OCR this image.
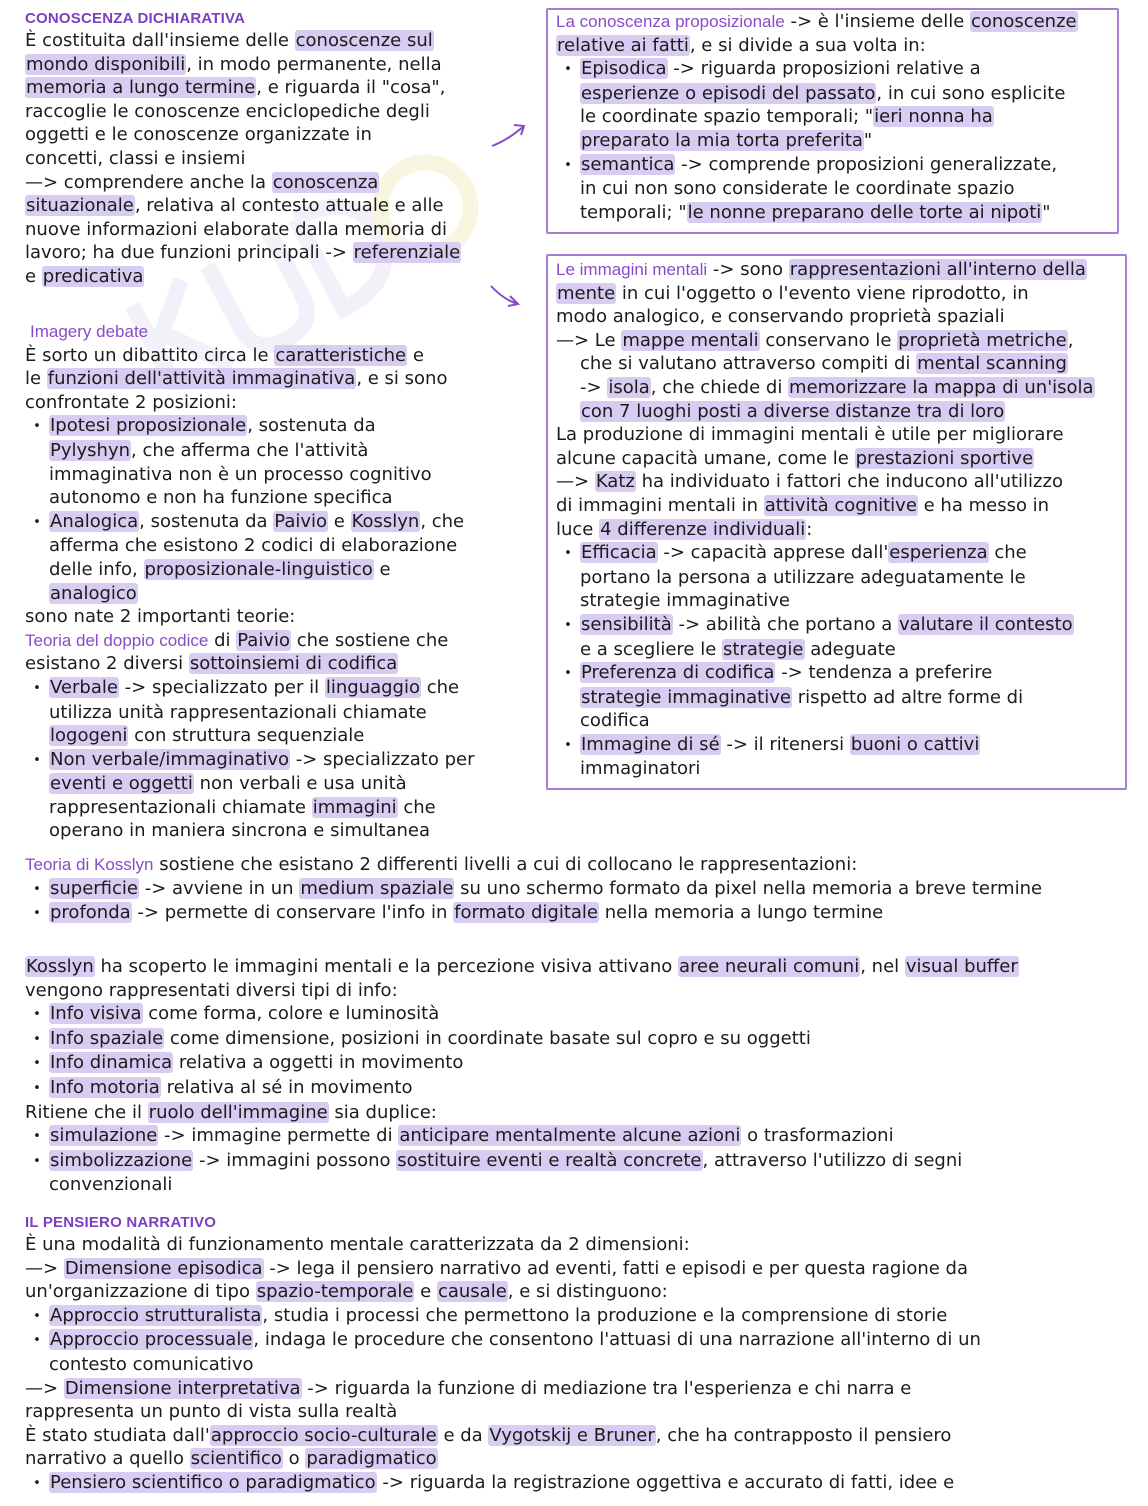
CONOSCENZA DICHIARATIVA
È costituita dall'insieme delle conoscenze sul
mondo disponibili, in modo permanente, nella
memoria a lungo termine, e riguarda il "cosa",
raccoglie le conoscenze enciclopediche degli
oggetti e le conoscenze organizzate in
concetti, classi e insiemi
—> comprendere anche la conoscenza
situazionale, relativa al contesto attuale e alle
nuove informazioni elaborate dalla memoria di
lavoro; ha due funzioni principali -> referenziale
e predicativa
Imagery debate
È sorto un dibattito circa le caratteristiche e
le funzioni dell'attività immaginativa, e si sono
confrontate 2 posizioni:
• Ipotesi proposizionale, sostenuta da
Pylyshyn, che afferma che l'attività
immaginativa non è un processo cognitivo
autonomo e non ha funzione specifica
• Analogica, sostenuta da Paivio e Kosslyn, che
afferma che esistono 2 codici di elaborazione
delle info, proposizionale-linguistico e
analogico
sono nate 2 importanti teorie:
Teoria del doppio codice di Paivio che sostiene che
esistano 2 diversi sottoinsiemi di codifica
• Verbale -> specializzato per il linguaggio che
utilizza unità rappresentazionali chiamate
logogeni con struttura sequenziale
• Non verbale/immaginativo -> specializzato per
eventi e oggetti non verbali e usa unità
rappresentazionali chiamate immagini che
operano in maniera sincrona e simultanea
La conoscenza proposizionale -> è l'insieme delle conoscenze
relative ai fatti, e si divide a sua volta in:
• Episodica -> riguarda proposizioni relative a
esperienze o episodi del passato, in cui sono esplicite
le coordinate spazio temporali; "ieri nonna ha
preparato la mia torta preferita"
• semantica -> comprende proposizioni generalizzate,
in cui non sono considerate le coordinate spazio
temporali; "le nonne preparano delle torte ai nipoti"
Le immagini mentali -> sono rappresentazioni all'interno della
mente in cui l'oggetto o l'evento viene riprodotto, in
modo analogico, e conservando proprietà spaziali
—> Le mappe mentali conservano le proprietà metriche,
che si valutano attraverso compiti di mental scanning
-> isola, che chiede di memorizzare la mappa di un'isola
con 7 luoghi posti a diverse distanze tra di loro
La produzione di immagini mentali è utile per migliorare
alcune capacità umane, come le prestazioni sportive
—> Katz ha individuato i fattori che inducono all'utilizzo
di immagini mentali in attività cognitive e ha messo in
luce 4 differenze individuali:
• Efficacia -> capacità apprese dall'esperienza che
portano la persona a utilizzare adeguatamente le
strategie immaginative
• sensibilità -> abilità che portano a valutare il contesto
e a scegliere le strategie adeguate
• Preferenza di codifica -> tendenza a preferire
strategie immaginative rispetto ad altre forme di
codifica
• Immagine di sé -> il ritenersi buoni o cattivi
immaginatori
Teoria di Kosslyn sostiene che esistano 2 differenti livelli a cui di collocano le rappresentazioni:
• superficie -> avviene in un medium spaziale su uno schermo formato da pixel nella memoria a breve termine
• profonda -> permette di conservare l'info in formato digitale nella memoria a lungo termine
Kosslyn ha scoperto le immagini mentali e la percezione visiva attivano aree neurali comuni, nel visual buffer
vengono rappresentati diversi tipi di info:
• Info visiva come forma, colore e luminosità
• Info spaziale come dimensione, posizioni in coordinate basate sul copro e su oggetti
• Info dinamica relativa a oggetti in movimento
• Info motoria relativa al sé in movimento
Ritiene che il ruolo dell'immagine sia duplice:
• simulazione -> immagine permette di anticipare mentalmente alcune azioni o trasformazioni
• simbolizzazione -> immagini possono sostituire eventi e realtà concrete, attraverso l'utilizzo di segni
convenzionali
IL PENSIERO NARRATIVO
È una modalità di funzionamento mentale caratterizzata da 2 dimensioni:
—> Dimensione episodica -> lega il pensiero narrativo ad eventi, fatti e episodi e per questa ragione da
un'organizzazione di tipo spazio-temporale e causale, e si distinguono:
• Approccio strutturalista, studia i processi che permettono la produzione e la comprensione di storie
• Approccio processuale, indaga le procedure che consentono l'attuasi di una narrazione all'interno di un
contesto comunicativo
—> Dimensione interpretativa -> riguarda la funzione di mediazione tra l'esperienza e chi narra e
rappresenta un punto di vista sulla realtà
È stato studiata dall'approccio socio-culturale e da Vygotskij e Bruner, che ha contrapposto il pensiero
narrativo a quello scientifico o paradigmatico
• Pensiero scientifico o paradigmatico -> riguarda la registrazione oggettiva e accurato di fatti, idee e
